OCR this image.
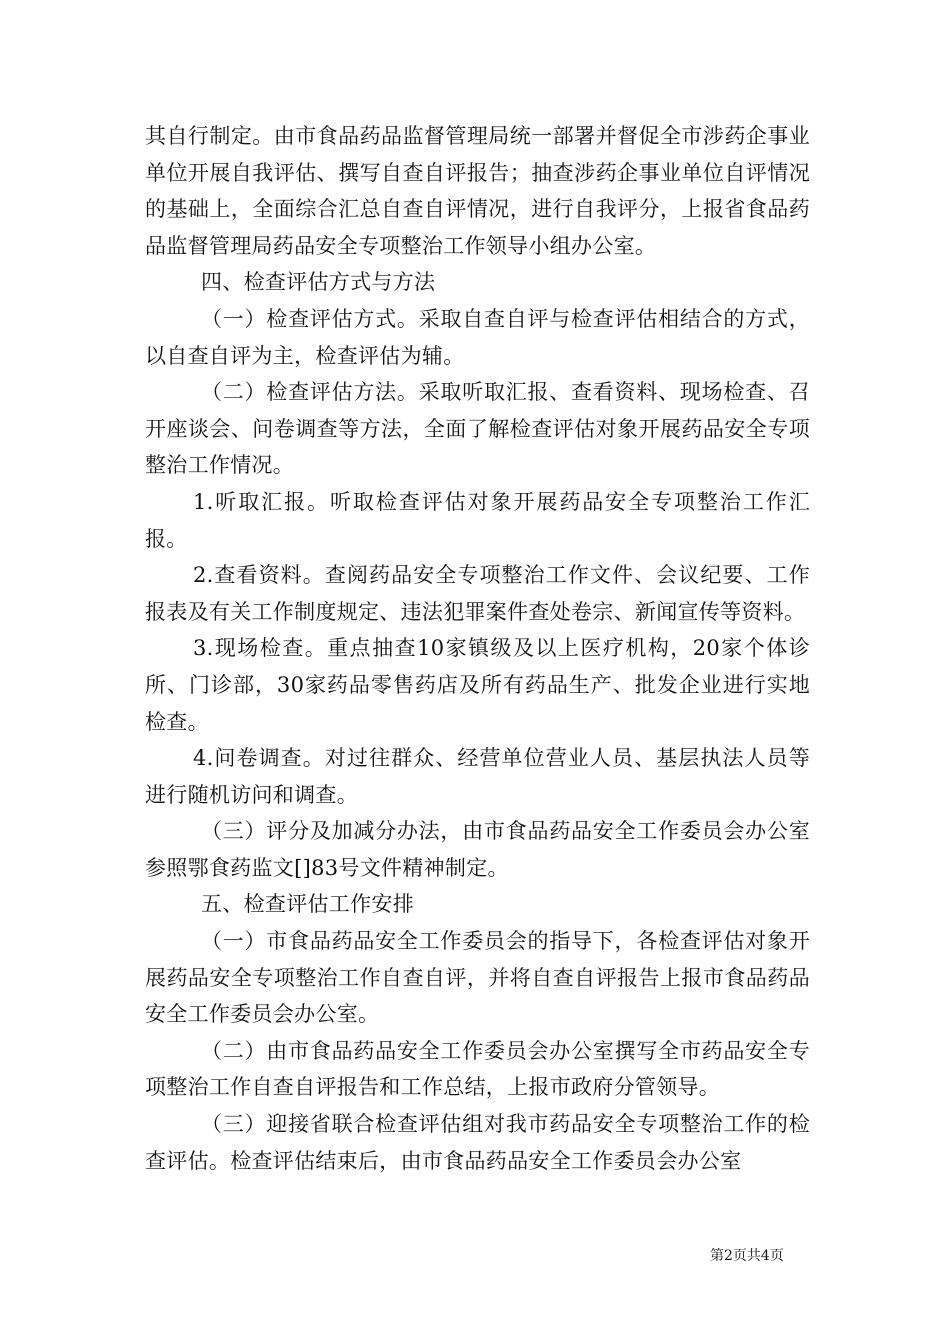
其自行制定。由市食品药品监督管理局统一部署并督促全市涉药企事业单位开展自我评估、撰写自查自评报告；抽查涉药企事业单位自评情况的基础上，全面综合汇总自查自评情况，进行自我评分，上报省食品药品监督管理局药品安全专项整治工作领导小组办公室。

四、检查评估方式与方法

（一）检查评估方式。采取自查自评与检查评估相结合的方式，以自查自评为主，检查评估为辅。

（二）检查评估方法。采取听取汇报、查看资料、现场检查、召开座谈会、问卷调查等方法，全面了解检查评估对象开展药品安全专项整治工作情况。

1.听取汇报。听取检查评估对象开展药品安全专项整治工作汇报。

2.查看资料。查阅药品安全专项整治工作文件、会议纪要、工作报表及有关工作制度规定、违法犯罪案件查处卷宗、新闻宣传等资料。

3.现场检查。重点抽查10家镇级及以上医疗机构，20家个体诊所、门诊部，30家药品零售药店及所有药品生产、批发企业进行实地检查。

4.问卷调查。对过往群众、经营单位营业人员、基层执法人员等进行随机访问和调查。

（三）评分及加减分办法，由市食品药品安全工作委员会办公室参照鄂食药监文[]83号文件精神制定。

五、检查评估工作安排

（一）市食品药品安全工作委员会的指导下，各检查评估对象开展药品安全专项整治工作自查自评，并将自查自评报告上报市食品药品安全工作委员会办公室。

（二）由市食品药品安全工作委员会办公室撰写全市药品安全专项整治工作自查自评报告和工作总结，上报市政府分管领导。

（三）迎接省联合检查评估组对我市药品安全专项整治工作的检查评估。检查评估结束后，由市食品药品安全工作委员会办公室

第2页共4页
